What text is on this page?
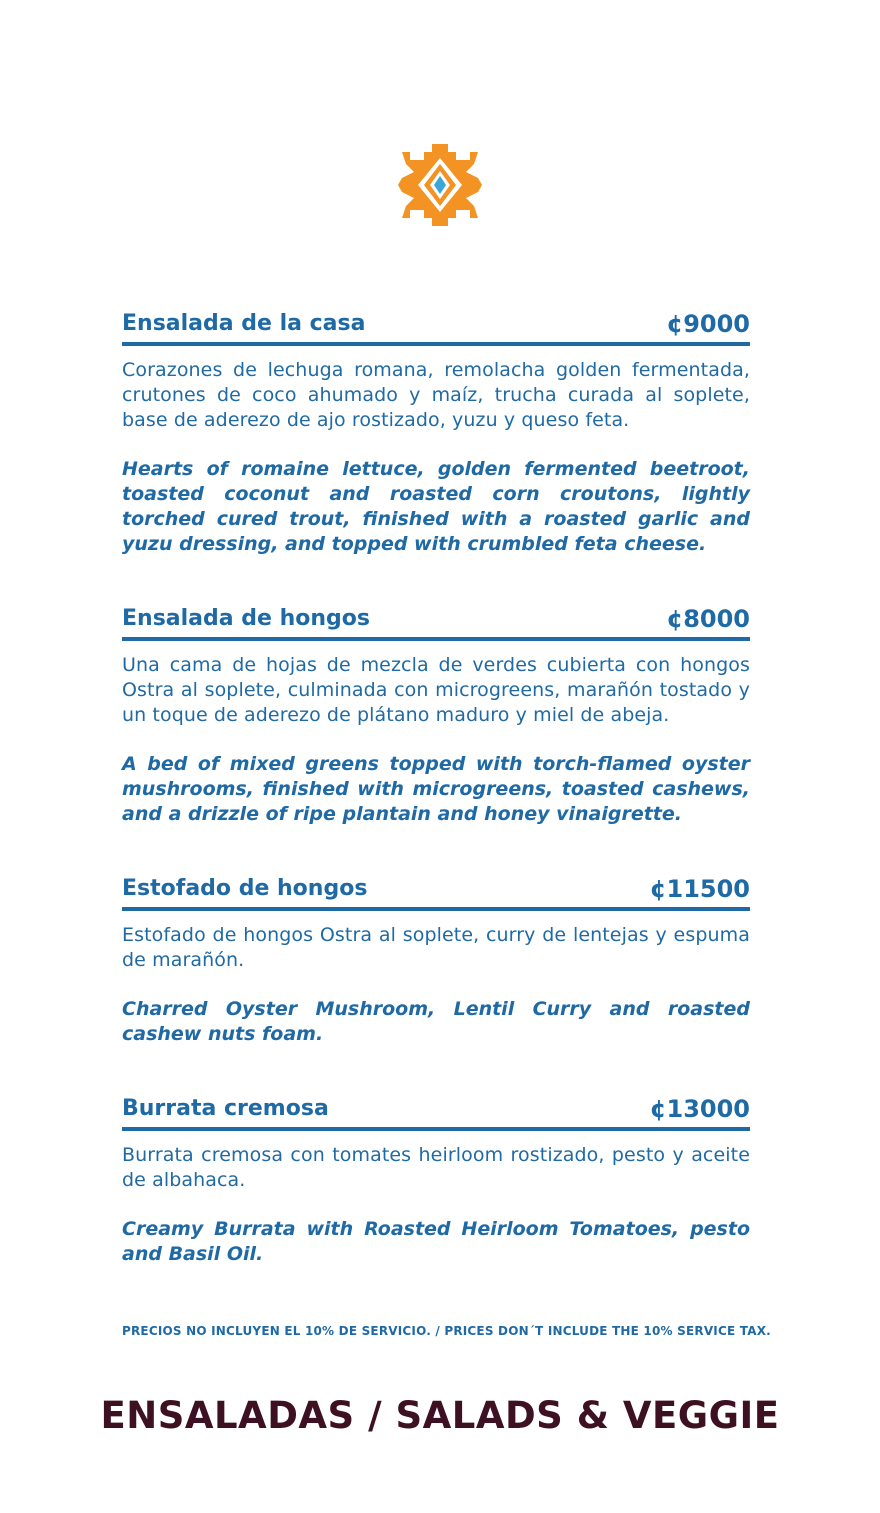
Ensalada de la casa	¢9000
Corazones de lechuga romana, remolacha golden fermentada, crutones de coco ahumado y maíz, trucha curada al soplete, base de aderezo de ajo rostizado, yuzu y queso feta.
Hearts of romaine lettuce, golden fermented beetroot, toasted coconut and roasted corn croutons, lightly torched cured trout, finished with a roasted garlic and yuzu dressing, and topped with crumbled feta cheese.
Ensalada de hongos	¢8000
Una cama de hojas de mezcla de verdes cubierta con hongos Ostra al soplete, culminada con microgreens, marañón tostado y un toque de aderezo de plátano maduro y miel de abeja.
A bed of mixed greens topped with torch-flamed oyster mushrooms, finished with microgreens, toasted cashews, and a drizzle of ripe plantain and honey vinaigrette.
Estofado de hongos	¢11500
Estofado de hongos Ostra al soplete, curry de lentejas y espuma de marañón.
Charred Oyster Mushroom, Lentil Curry and roasted cashew nuts foam.
Burrata cremosa	¢13000
Burrata cremosa con tomates heirloom rostizado, pesto y aceite de albahaca.
Creamy Burrata with Roasted Heirloom Tomatoes, pesto and Basil Oil.
PRECIOS NO INCLUYEN EL 10% DE SERVICIO. / PRICES DON´T INCLUDE THE 10% SERVICE TAX.
ENSALADAS / SALADS & VEGGIE
